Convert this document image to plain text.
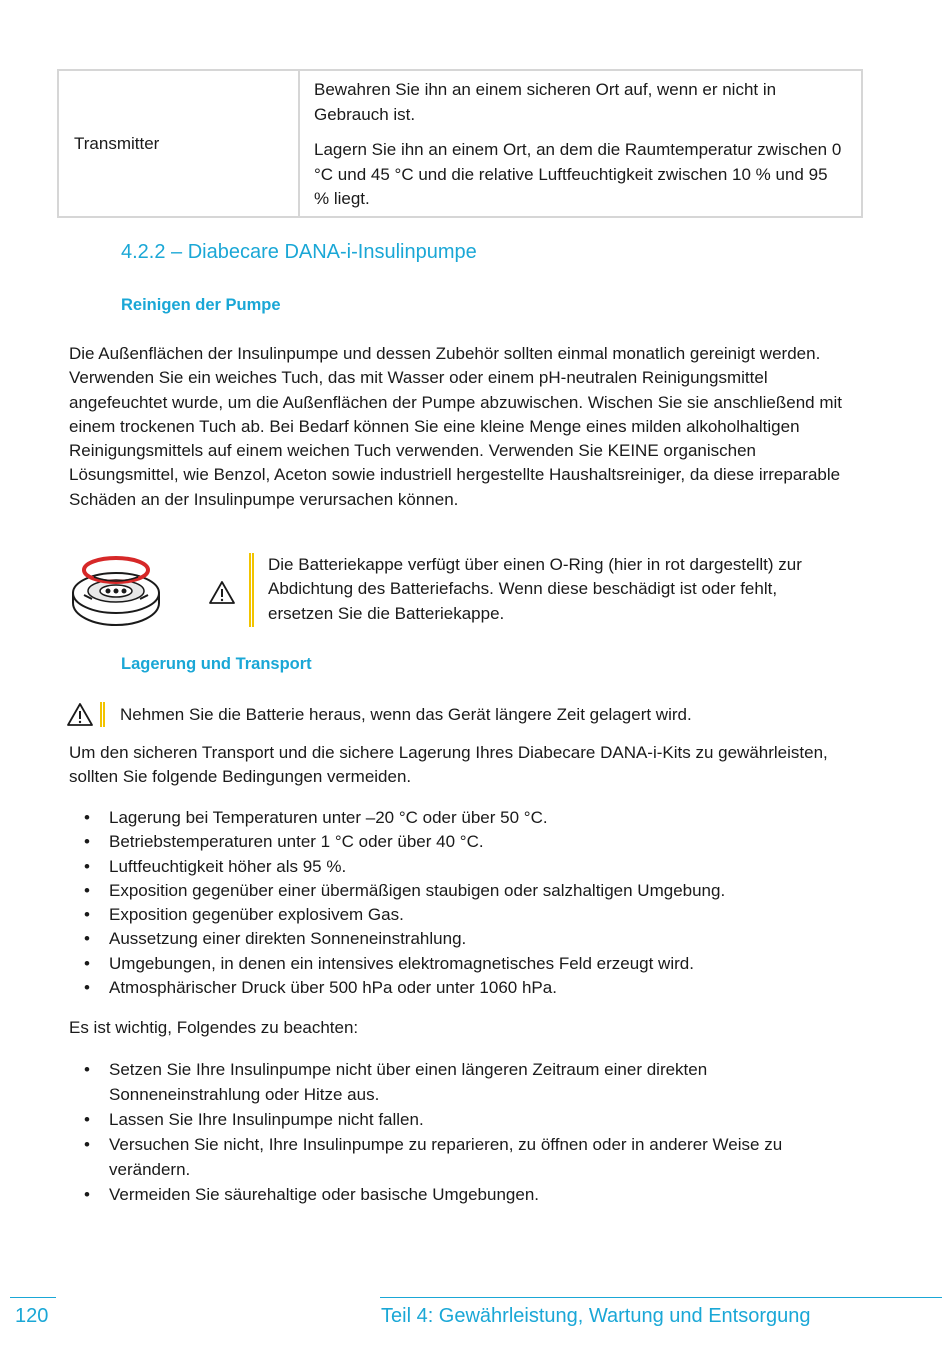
Transmitter

Bewahren Sie ihn an einem sicheren Ort auf, wenn er nicht in Gebrauch ist.

Lagern Sie ihn an einem Ort, an dem die Raumtemperatur zwischen 0 °C und 45 °C und die relative Luftfeuchtigkeit zwischen 10 % und 95 % liegt.

4.2.2 – Diabecare DANA-i-Insulinpumpe
Reinigen der Pumpe

Die Außenflächen der Insulinpumpe und dessen Zubehör sollten einmal monatlich gereinigt werden. Verwenden Sie ein weiches Tuch, das mit Wasser oder einem pH-neutralen Reinigungsmittel angefeuchtet wurde, um die Außenflächen der Pumpe abzuwischen. Wischen Sie sie anschließend mit einem trockenen Tuch ab. Bei Bedarf können Sie eine kleine Menge eines milden alkoholhaltigen Reinigungsmittels auf einem weichen Tuch verwenden. Verwenden Sie KEINE organischen Lösungsmittel, wie Benzol, Aceton sowie industriell hergestellte Haushaltsreiniger, da diese irreparable Schäden an der Insulinpumpe verursachen können.

Die Batteriekappe verfügt über einen O-Ring (hier in rot dargestellt) zur Abdichtung des Batteriefachs. Wenn diese beschädigt ist oder fehlt, ersetzen Sie die Batteriekappe.

Lagerung und Transport

Nehmen Sie die Batterie heraus, wenn das Gerät längere Zeit gelagert wird.

Um den sicheren Transport und die sichere Lagerung Ihres Diabecare DANA-i-Kits zu gewährleisten, sollten Sie folgende Bedingungen vermeiden.

• Lagerung bei Temperaturen unter –20 °C oder über 50 °C.
• Betriebstemperaturen unter 1 °C oder über 40 °C.
• Luftfeuchtigkeit höher als 95 %.
• Exposition gegenüber einer übermäßigen staubigen oder salzhaltigen Umgebung.
• Exposition gegenüber explosivem Gas.
• Aussetzung einer direkten Sonneneinstrahlung.
• Umgebungen, in denen ein intensives elektromagnetisches Feld erzeugt wird.
• Atmosphärischer Druck über 500 hPa oder unter 1060 hPa.

Es ist wichtig, Folgendes zu beachten:

• Setzen Sie Ihre Insulinpumpe nicht über einen längeren Zeitraum einer direkten Sonneneinstrahlung oder Hitze aus.
• Lassen Sie Ihre Insulinpumpe nicht fallen.
• Versuchen Sie nicht, Ihre Insulinpumpe zu reparieren, zu öffnen oder in anderer Weise zu verändern.
• Vermeiden Sie säurehaltige oder basische Umgebungen.
120	Teil 4: Gewährleistung, Wartung und Entsorgung
